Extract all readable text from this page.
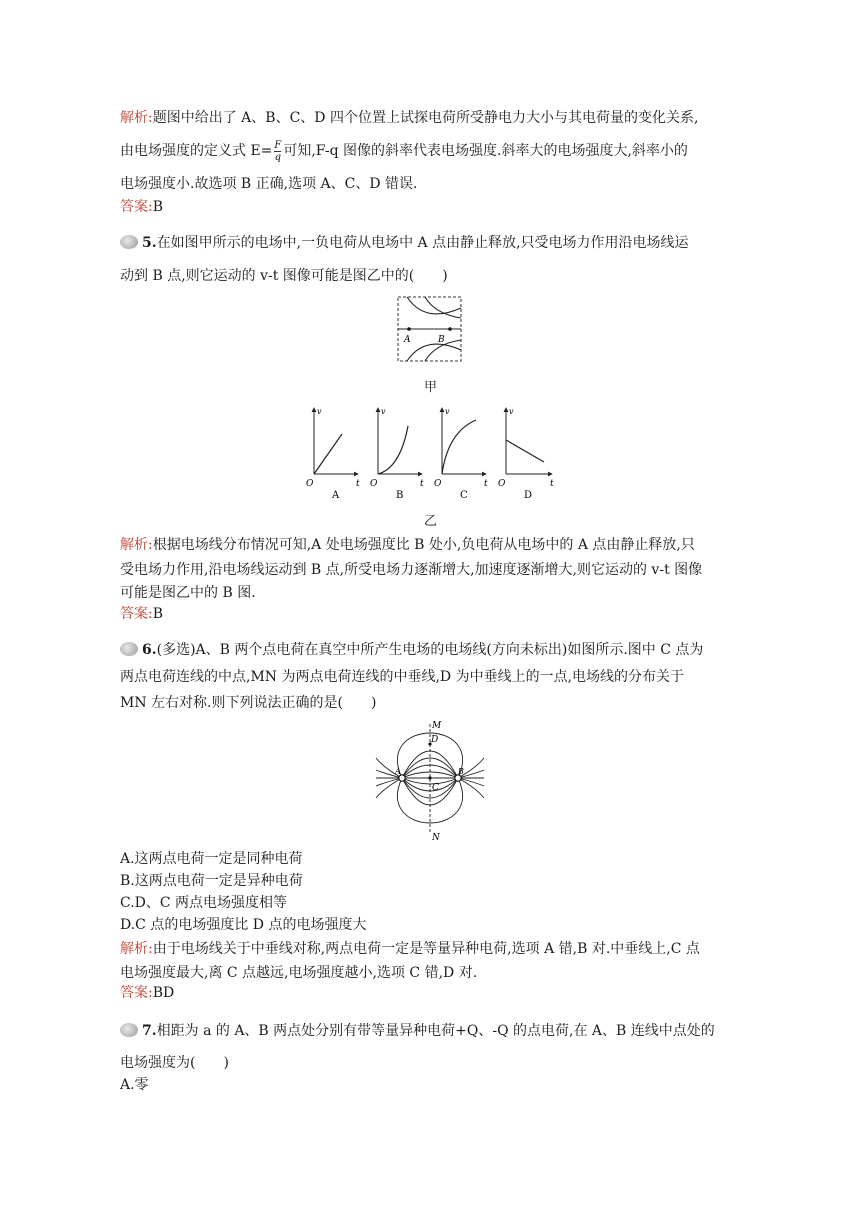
解析:题图中给出了 A、B、C、D 四个位置上试探电荷所受静电力大小与其电荷量的变化关系,
由电场强度的定义式 $E= \frac{F}{q}$ 可知,F-q 图像的斜率代表电场强度.斜率大的电场强度大,斜率小的
电场强度小.故选项 B 正确,选项 A、C、D 错误.
答案:B
5.在如图甲所示的电场中,一负电荷从电场中 A 点由静止释放,只受电场力作用沿电场线运
动到 B 点,则它运动的 v-t 图像可能是图乙中的(　　)
A	B
甲
v
t
O
A
v
t
O
B
v
t
O
C
v
t
O
D
乙
解析:根据电场线分布情况可知,A 处电场强度比 B 处小,负电荷从电场中的 A 点由静止释放,只
受电场力作用,沿电场线运动到 B 点,所受电场力逐渐增大,加速度逐渐增大,则它运动的 v-t 图像
可能是图乙中的 B 图.
答案:B
6.(多选)A、B 两个点电荷在真空中所产生电场的电场线(方向未标出)如图所示.图中 C 点为
两点电荷连线的中点,MN 为两点电荷连线的中垂线,D 为中垂线上的一点,电场线的分布关于
MN 左右对称.则下列说法正确的是(　　)
M
D
C
N
A	B
A.这两点电荷一定是同种电荷
B.这两点电荷一定是异种电荷
C.D、C 两点电场强度相等
D.C 点的电场强度比 D 点的电场强度大
解析:由于电场线关于中垂线对称,两点电荷一定是等量异种电荷,选项 A 错,B 对.中垂线上,C 点
电场强度最大,离 C 点越远,电场强度越小,选项 C 错,D 对.
答案:BD
7.相距为 a 的 A、B 两点处分别有带等量异种电荷+Q、-Q 的点电荷,在 A、B 连线中点处的
电场强度为(　　)
A.零
